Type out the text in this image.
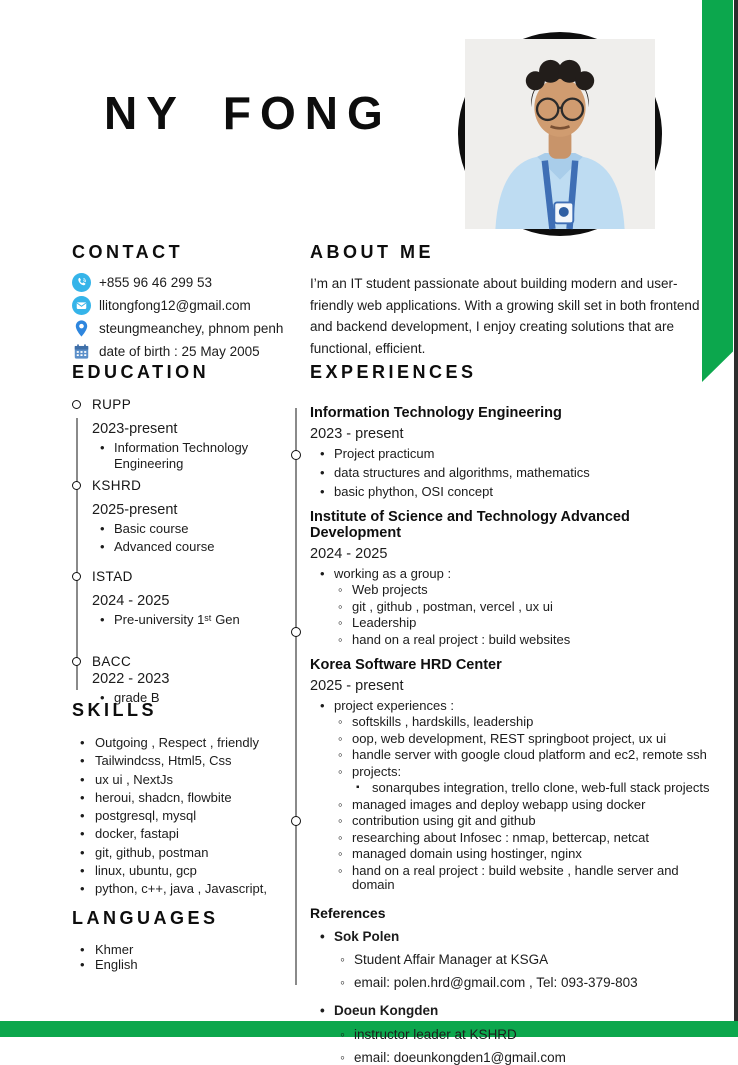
NY FONG
CONTACT
+855 96 46 299 53
llitongfong12@gmail.com
steungmeanchey, phnom penh
date of birth : 25 May 2005
ABOUT ME

I’m an IT student passionate about building modern and user-friendly web applications. With a growing skill set in both frontend and backend development, I enjoy creating solutions that are functional, efficient.

EDUCATION
RUPP
2023-present
• Information Technology Engineering
KSHRD
2025-present
• Basic course
• Advanced course
ISTAD
2024 - 2025
• Pre-university 1ˢᵗ Gen
BACC
2022 - 2023
• grade B
SKILLS
• Outgoing , Respect , friendly
• Tailwindcss, Html5, Css
• ux ui , NextJs
• heroui, shadcn, flowbite
• postgresql, mysql
• docker, fastapi
• git, github, postman
• linux, ubuntu, gcp
• python, c++, java , Javascript,
LANGUAGES
• Khmer
• English
EXPERIENCES
Information Technology Engineering
2023 - present
• Project practicum
• data structures and algorithms, mathematics
• basic phython, OSI concept
Institute of Science and Technology Advanced Development
2024 - 2025
• working as a group :
◦ Web projects
◦ git , github , postman, vercel , ux ui
◦ Leadership
◦ hand on a real project : build websites
Korea Software HRD Center
2025 - present
• project experiences :
◦ softskills , hardskills, leadership
◦ oop, web development, REST springboot project, ux ui
◦ handle server with google cloud platform and ec2, remote ssh
◦ projects:
▪ sonarqubes integration, trello clone, web-full stack projects
◦ managed images and deploy webapp using docker
◦ contribution using git and github
◦ researching about Infosec : nmap, bettercap, netcat
◦ managed domain using hostinger, nginx
◦ hand on a real project : build website , handle server and domain
References
• Sok Polen
◦ Student Affair Manager at KSGA
◦ email: polen.hrd@gmail.com , Tel: 093-379-803
• Doeun Kongden
◦ instructor leader at KSHRD
◦ email: doeunkongden1@gmail.com
